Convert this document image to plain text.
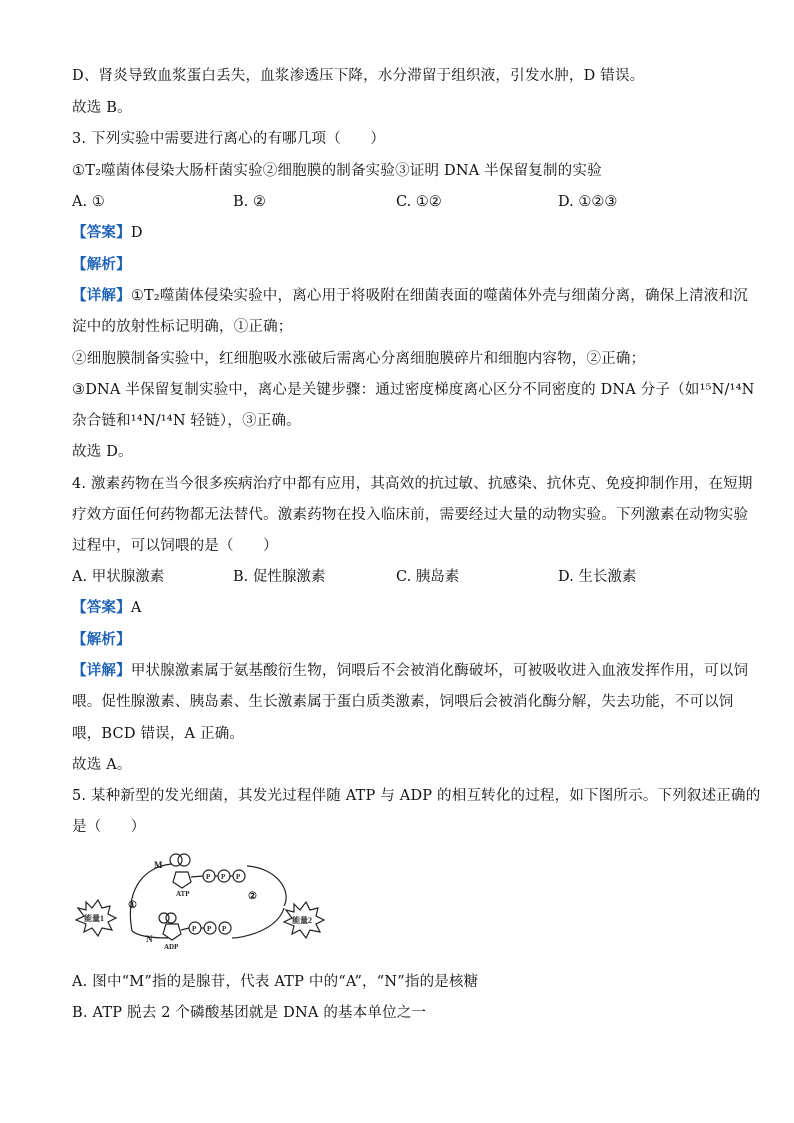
D、肾炎导致血浆蛋白丢失，血浆渗透压下降，水分滞留于组织液，引发水肿，D 错误。
故选 B。
3. 下列实验中需要进行离心的有哪几项（　　）
①T₂噬菌体侵染大肠杆菌实验②细胞膜的制备实验③证明 DNA 半保留复制的实验
A. ①	B. ②	C. ①②	D. ①②③
【答案】D
【解析】
【详解】①T₂噬菌体侵染实验中，离心用于将吸附在细菌表面的噬菌体外壳与细菌分离，确保上清液和沉
淀中的放射性标记明确，①正确；
②细胞膜制备实验中，红细胞吸水涨破后需离心分离细胞膜碎片和细胞内容物，②正确；
③DNA 半保留复制实验中，离心是关键步骤：通过密度梯度离心区分不同密度的 DNA 分子（如¹⁵N/¹⁴N
杂合链和¹⁴N/¹⁴N 轻链），③正确。
故选 D。
4. 激素药物在当今很多疾病治疗中都有应用，其高效的抗过敏、抗感染、抗休克、免疫抑制作用，在短期
疗效方面任何药物都无法替代。激素药物在投入临床前，需要经过大量的动物实验。下列激素在动物实验
过程中，可以饲喂的是（　　）
A. 甲状腺激素	B. 促性腺激素	C. 胰岛素	D. 生长激素
【答案】A
【解析】
【详解】甲状腺激素属于氨基酸衍生物，饲喂后不会被消化酶破坏，可被吸收进入血液发挥作用，可以饲
喂。促性腺激素、胰岛素、生长激素属于蛋白质类激素，饲喂后会被消化酶分解，失去功能，不可以饲
喂，BCD 错误，A 正确。
故选 A。
5. 某种新型的发光细菌，其发光过程伴随 ATP 与 ADP 的相互转化的过程，如下图所示。下列叙述正确的
是（　　）
M
ATP
P P P
P P P
N
ADP
①
②
能量1	能量2
A. 图中“M”指的是腺苷，代表 ATP 中的“A”，“N”指的是核糖
B. ATP 脱去 2 个磷酸基团就是 DNA 的基本单位之一
